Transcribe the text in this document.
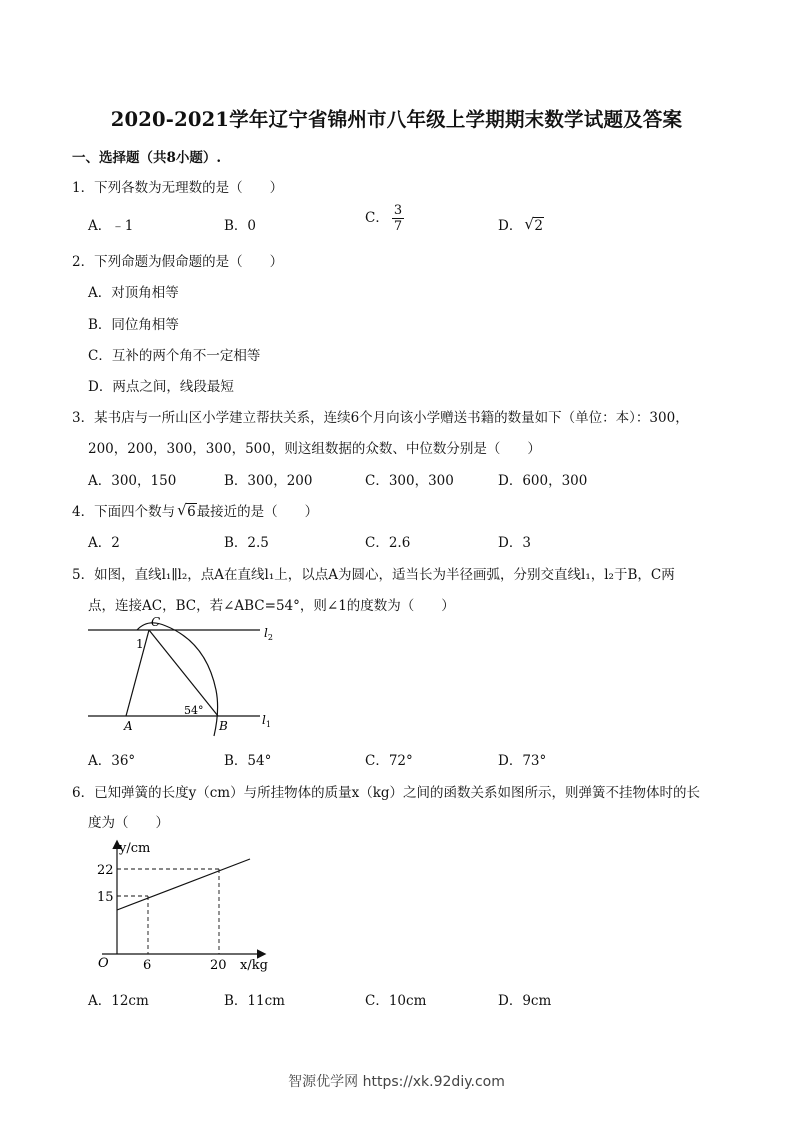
2020-2021学年辽宁省锦州市八年级上学期期末数学试题及答案
一、选择题（共8小题）.
1．下列各数为无理数的是（　　）
A．﹣1	B．0	C． $\frac{3}{7}$	D． √ 2
2．下列命题为假命题的是（　　）
A．对顶角相等
B．同位角相等
C．互补的两个角不一定相等
D．两点之间，线段最短
3．某书店与一所山区小学建立帮扶关系，连续6个月向该小学赠送书籍的数量如下（单位：本）：300，
200，200，300，300，500，则这组数据的众数、中位数分别是（　　）
A．300，150	B．300，200	C．300，300	D．600，300
4．下面四个数与 √ 6最接近的是（　　）
A．2	B．2.5	C．2.6	D．3
5．如图，直线l₁∥l₂，点A在直线l₁上，以点A为圆心，适当长为半径画弧，分别交直线l₁，l₂于B，C两
点，连接AC，BC，若∠ABC=54°，则∠1的度数为（　　）
C
$l_2$
1
54°
A	B	$l_1$
A．36°	B．54°	C．72°	D．73°
6．已知弹簧的长度y（cm）与所挂物体的质量x（kg）之间的函数关系如图所示，则弹簧不挂物体时的长
度为（　　）
y/cm
x/kg
O
22
15
6	20
A．12cm	B．11cm	C．10cm	D．9cm
智源优学网 https://xk.92diy.com
